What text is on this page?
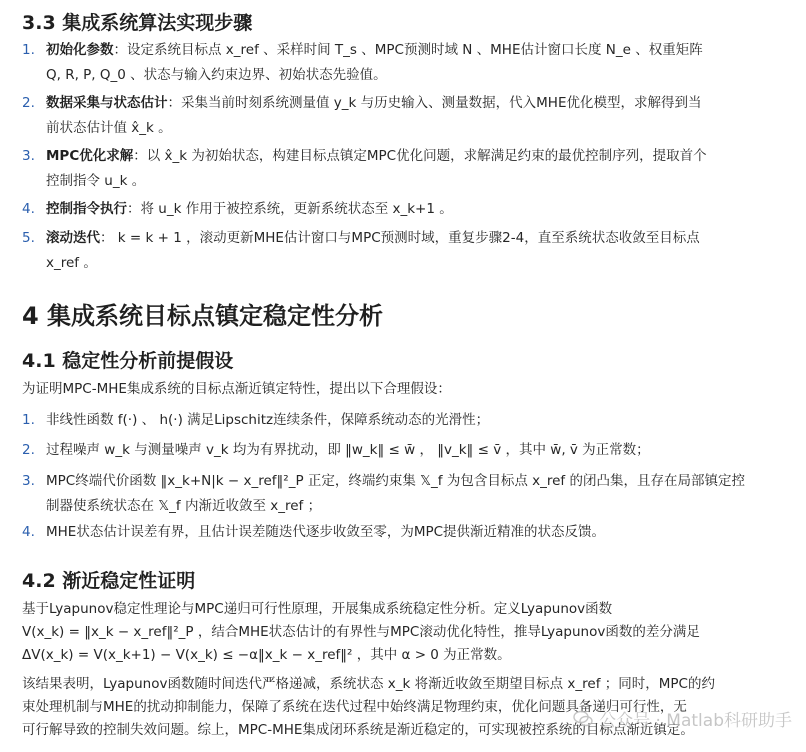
3.3 集成系统算法实现步骤
1. 初始化参数：设定系统目标点 x_ref 、采样时间 T_s 、MPC预测时域 N 、MHE估计窗口长度 N_e 、权重矩阵
Q, R, P, Q_0 、状态与输入约束边界、初始状态先验值。
2. 数据采集与状态估计：采集当前时刻系统测量值 y_k 与历史输入、测量数据，代入MHE优化模型，求解得到当
前状态估计值 x̂_k 。
3. MPC优化求解：以 x̂_k 为初始状态，构建目标点镇定MPC优化问题，求解满足约束的最优控制序列，提取首个
控制指令 u_k 。
4. 控制指令执行：将 u_k 作用于被控系统，更新系统状态至 x_k+1 。
5. 滚动迭代： k = k + 1 ，滚动更新MHE估计窗口与MPC预测时域，重复步骤2-4，直至系统状态收敛至目标点
x_ref 。
4 集成系统目标点镇定稳定性分析
4.1 稳定性分析前提假设
为证明MPC-MHE集成系统的目标点渐近镇定特性，提出以下合理假设：
1. 非线性函数 f(·) 、 h(·) 满足Lipschitz连续条件，保障系统动态的光滑性；
2. 过程噪声 w_k 与测量噪声 v_k 均为有界扰动，即 ‖w_k‖ ≤ w̄ ， ‖v_k‖ ≤ v̄ ，其中 w̄, v̄ 为正常数；
3. MPC终端代价函数 ‖x_k+N|k − x_ref‖²_P 正定，终端约束集 𝕏_f 为包含目标点 x_ref 的闭凸集，且存在局部镇定控
制器使系统状态在 𝕏_f 内渐近收敛至 x_ref ；
4. MHE状态估计误差有界，且估计误差随迭代逐步收敛至零，为MPC提供渐近精准的状态反馈。
4.2 渐近稳定性证明
基于Lyapunov稳定性理论与MPC递归可行性原理，开展集成系统稳定性分析。定义Lyapunov函数
V(x_k) = ‖x_k − x_ref‖²_P ，结合MHE状态估计的有界性与MPC滚动优化特性，推导Lyapunov函数的差分满足
ΔV(x_k) = V(x_k+1) − V(x_k) ≤ −α‖x_k − x_ref‖² ，其中 α > 0 为正常数。
该结果表明，Lyapunov函数随时间迭代严格递减，系统状态 x_k 将渐近收敛至期望目标点 x_ref ；同时，MPC的约
束处理机制与MHE的扰动抑制能力，保障了系统在迭代过程中始终满足物理约束，优化问题具备递归可行性，无
可行解导致的控制失效问题。综上，MPC-MHE集成闭环系统是渐近稳定的，可实现被控系统的目标点渐近镇定。
公众号 · Matlab科研助手
